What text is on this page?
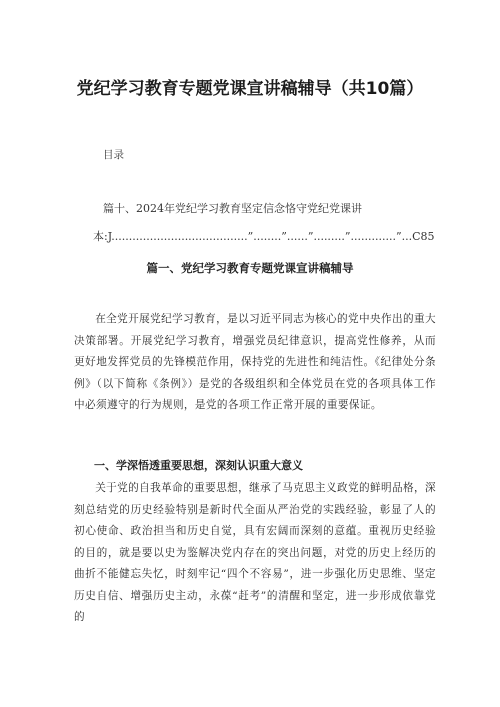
党纪学习教育专题党课宣讲稿辅导（共10篇）
目录
篇十、2024年党纪学习教育坚定信念恪守党纪党课讲
本:J.......................................”........”......”.........”.............”...C85
篇一、党纪学习教育专题党课宣讲稿辅导
在全党开展党纪学习教育，是以习近平同志为核心的党中央作出的重大决策部署。开展党纪学习教育，增强党员纪律意识，提高党性修养，从而更好地发挥党员的先锋模范作用，保持党的先进性和纯洁性。《纪律处分条例》（以下简称《条例》）是党的各级组织和全体党员在党的各项具体工作中必须遵守的行为规则，是党的各项工作正常开展的重要保证。
一、学深悟透重要思想，深刻认识重大意义
关于党的自我革命的重要思想，继承了马克思主义政党的鲜明品格，深刻总结党的历史经验特别是新时代全面从严治党的实践经验，彰显了人的初心使命、政治担当和历史自觉，具有宏阔而深刻的意蕴。重视历史经验的目的，就是要以史为鉴解决党内存在的突出问题，对党的历史上经历的曲折不能健忘失忆，时刻牢记“四个不容易”，进一步强化历史思维、坚定历史自信、增强历史主动，永葆“赶考”的清醒和坚定，进一步形成依靠党的
